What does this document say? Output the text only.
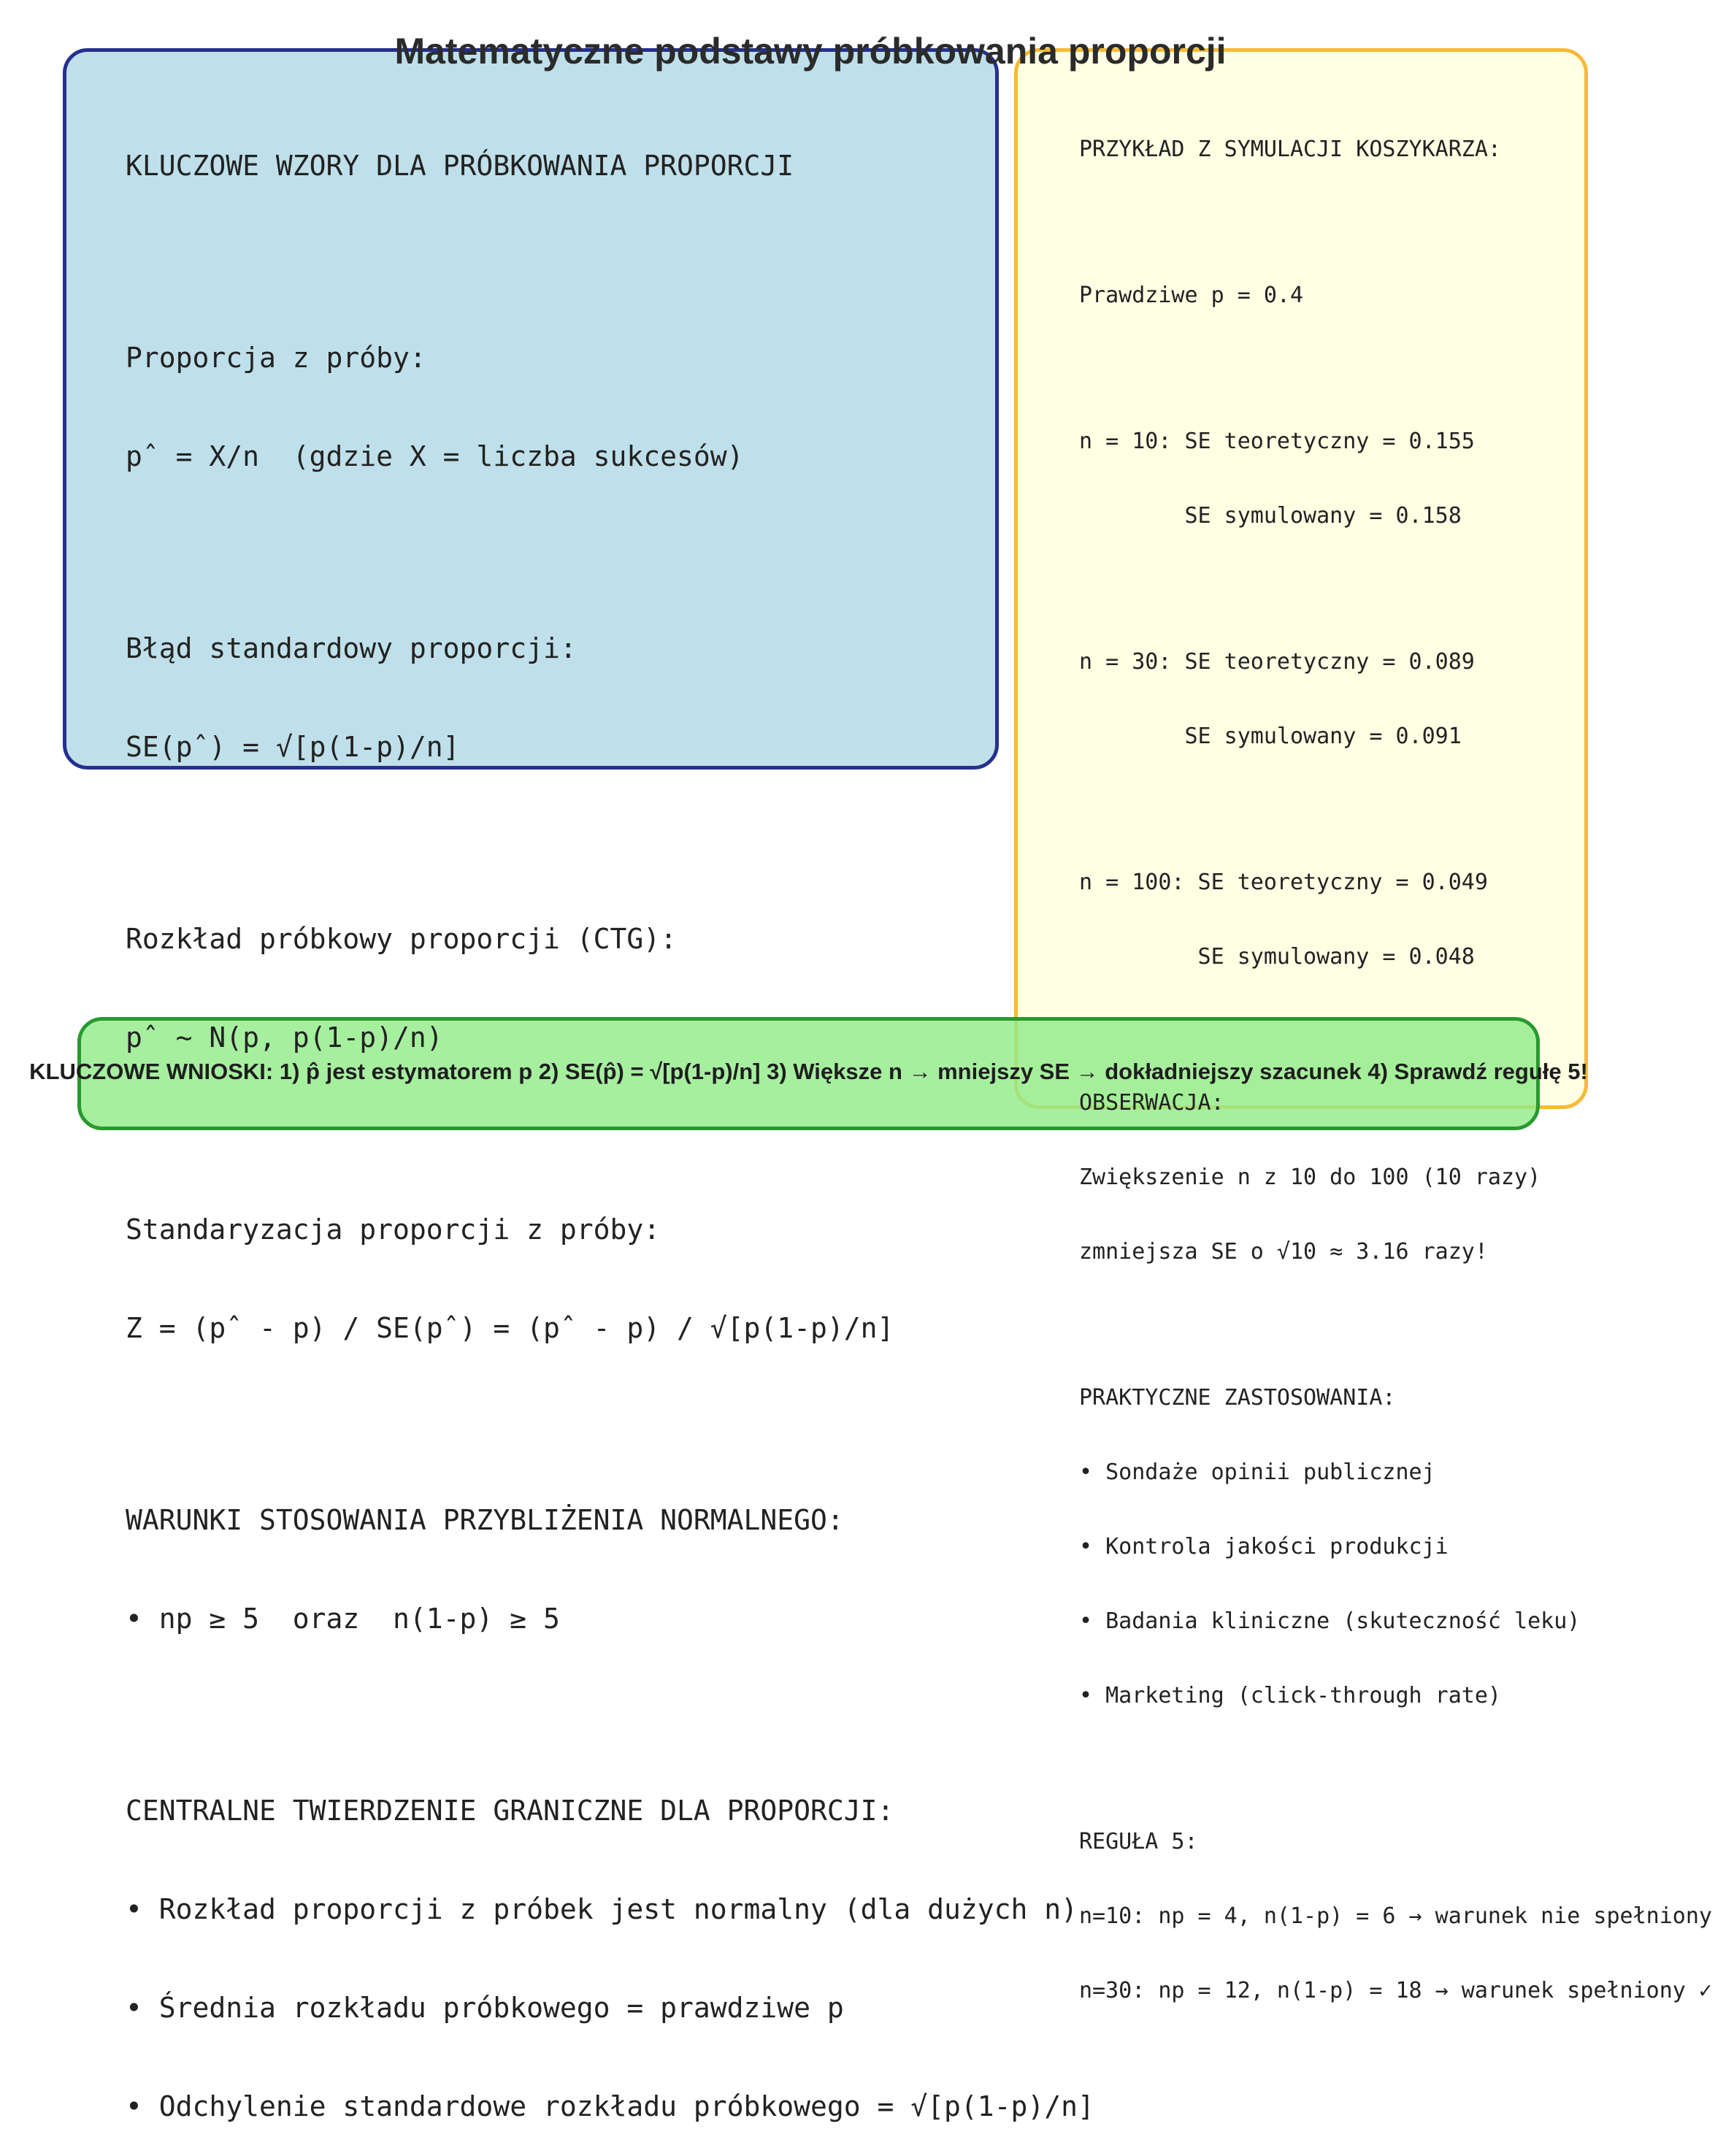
Matematyczne podstawy próbkowania proporcji

KLUCZOWE WZORY DLA PRÓBKOWANIA PROPORCJI

Proporcja z próby:

pˆ = X/n  (gdzie X = liczba sukcesów)

Błąd standardowy proporcji:

SE(pˆ) = √[p(1-p)/n]

Rozkład próbkowy proporcji (CTG):

pˆ ~ N(p, p(1-p)/n)

Standaryzacja proporcji z próby:

Z = (pˆ - p) / SE(pˆ) = (pˆ - p) / √[p(1-p)/n]

WARUNKI STOSOWANIA PRZYBLIŻENIA NORMALNEGO:

• np ≥ 5  oraz  n(1-p) ≥ 5

CENTRALNE TWIERDZENIE GRANICZNE DLA PROPORCJI:

• Rozkład proporcji z próbek jest normalny (dla dużych n)

• Średnia rozkładu próbkowego = prawdziwe p

• Odchylenie standardowe rozkładu próbkowego = √[p(1-p)/n]

PRZYKŁAD Z SYMULACJI KOSZYKARZA:

Prawdziwe p = 0.4

n = 10: SE teoretyczny = 0.155

SE symulowany = 0.158

n = 30: SE teoretyczny = 0.089

SE symulowany = 0.091

n = 100: SE teoretyczny = 0.049

SE symulowany = 0.048

OBSERWACJA:

Zwiększenie n z 10 do 100 (10 razy)

zmniejsza SE o √10 ≈ 3.16 razy!

PRAKTYCZNE ZASTOSOWANIA:

• Sondaże opinii publicznej

• Kontrola jakości produkcji

• Badania kliniczne (skuteczność leku)

• Marketing (click-through rate)

REGUŁA 5:

n=10: np = 4, n(1-p) = 6 → warunek nie spełniony

n=30: np = 12, n(1-p) = 18 → warunek spełniony ✓

KLUCZOWE WNIOSKI: 1) p̂ jest estymatorem p 2) SE(p̂) = √[p(1-p)/n] 3) Większe n → mniejszy SE → dokładniejszy szacunek 4) Sprawdź regułę 5!
